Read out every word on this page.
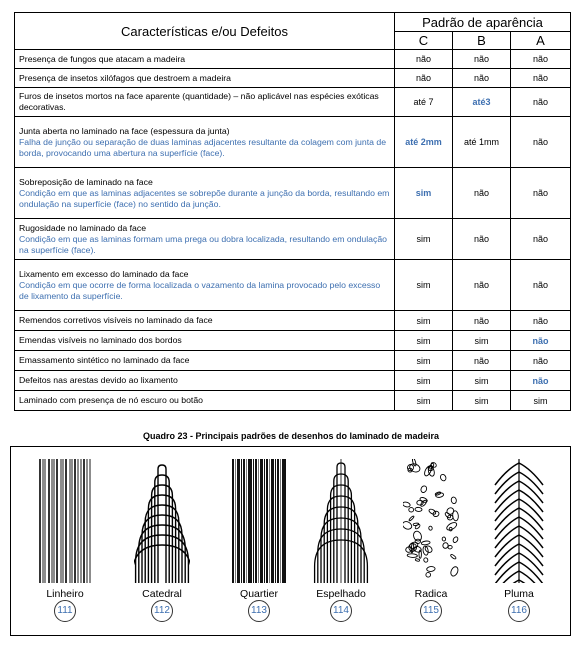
Características e/ou Defeitos	Padrão de aparência		
	C	B	A

Presença de fungos que atacam a madeira	não	não	não

Presença de insetos xilófagos que destroem a madeira	não	não	não

Furos de insetos mortos na face aparente (quantidade) – não aplicável nas espécies exóticas decorativas.	até 7	até3	não

Junta aberta no laminado na face (espessura da junta)
Falha de junção ou separação de duas laminas adjacentes resultante da colagem com junta de borda, provocando uma abertura na superfície (face).	até 2mm	até 1mm	não

Sobreposição de laminado na face
Condição em que as laminas adjacentes se sobrepõe durante a junção da borda, resultando em ondulação na superfície (face) no sentido da junção.	sim	não	não

Rugosidade no laminado da face
Condição em que as laminas formam uma prega ou dobra localizada, resultando em ondulação na superfície (face).	sim	não	não

Lixamento em excesso do laminado da face
Condição em que ocorre de forma localizada o vazamento da lamina provocado pelo excesso de lixamento da superfície.	sim	não	não

Remendos corretivos visíveis no laminado da face	sim	não	não

Emendas visíveis no laminado dos bordos	sim	sim	não

Emassamento sintético no laminado da face	sim	não	não

Defeitos nas arestas devido ao lixamento	sim	sim	não

Laminado com presença de nó escuro ou botão	sim	sim	sim
Quadro 23 - Principais padrões de desenhos do laminado de madeira
Linheiro	Catedral	Quartier	Espelhado	Radica	Pluma
111	112	113	114	115	116
